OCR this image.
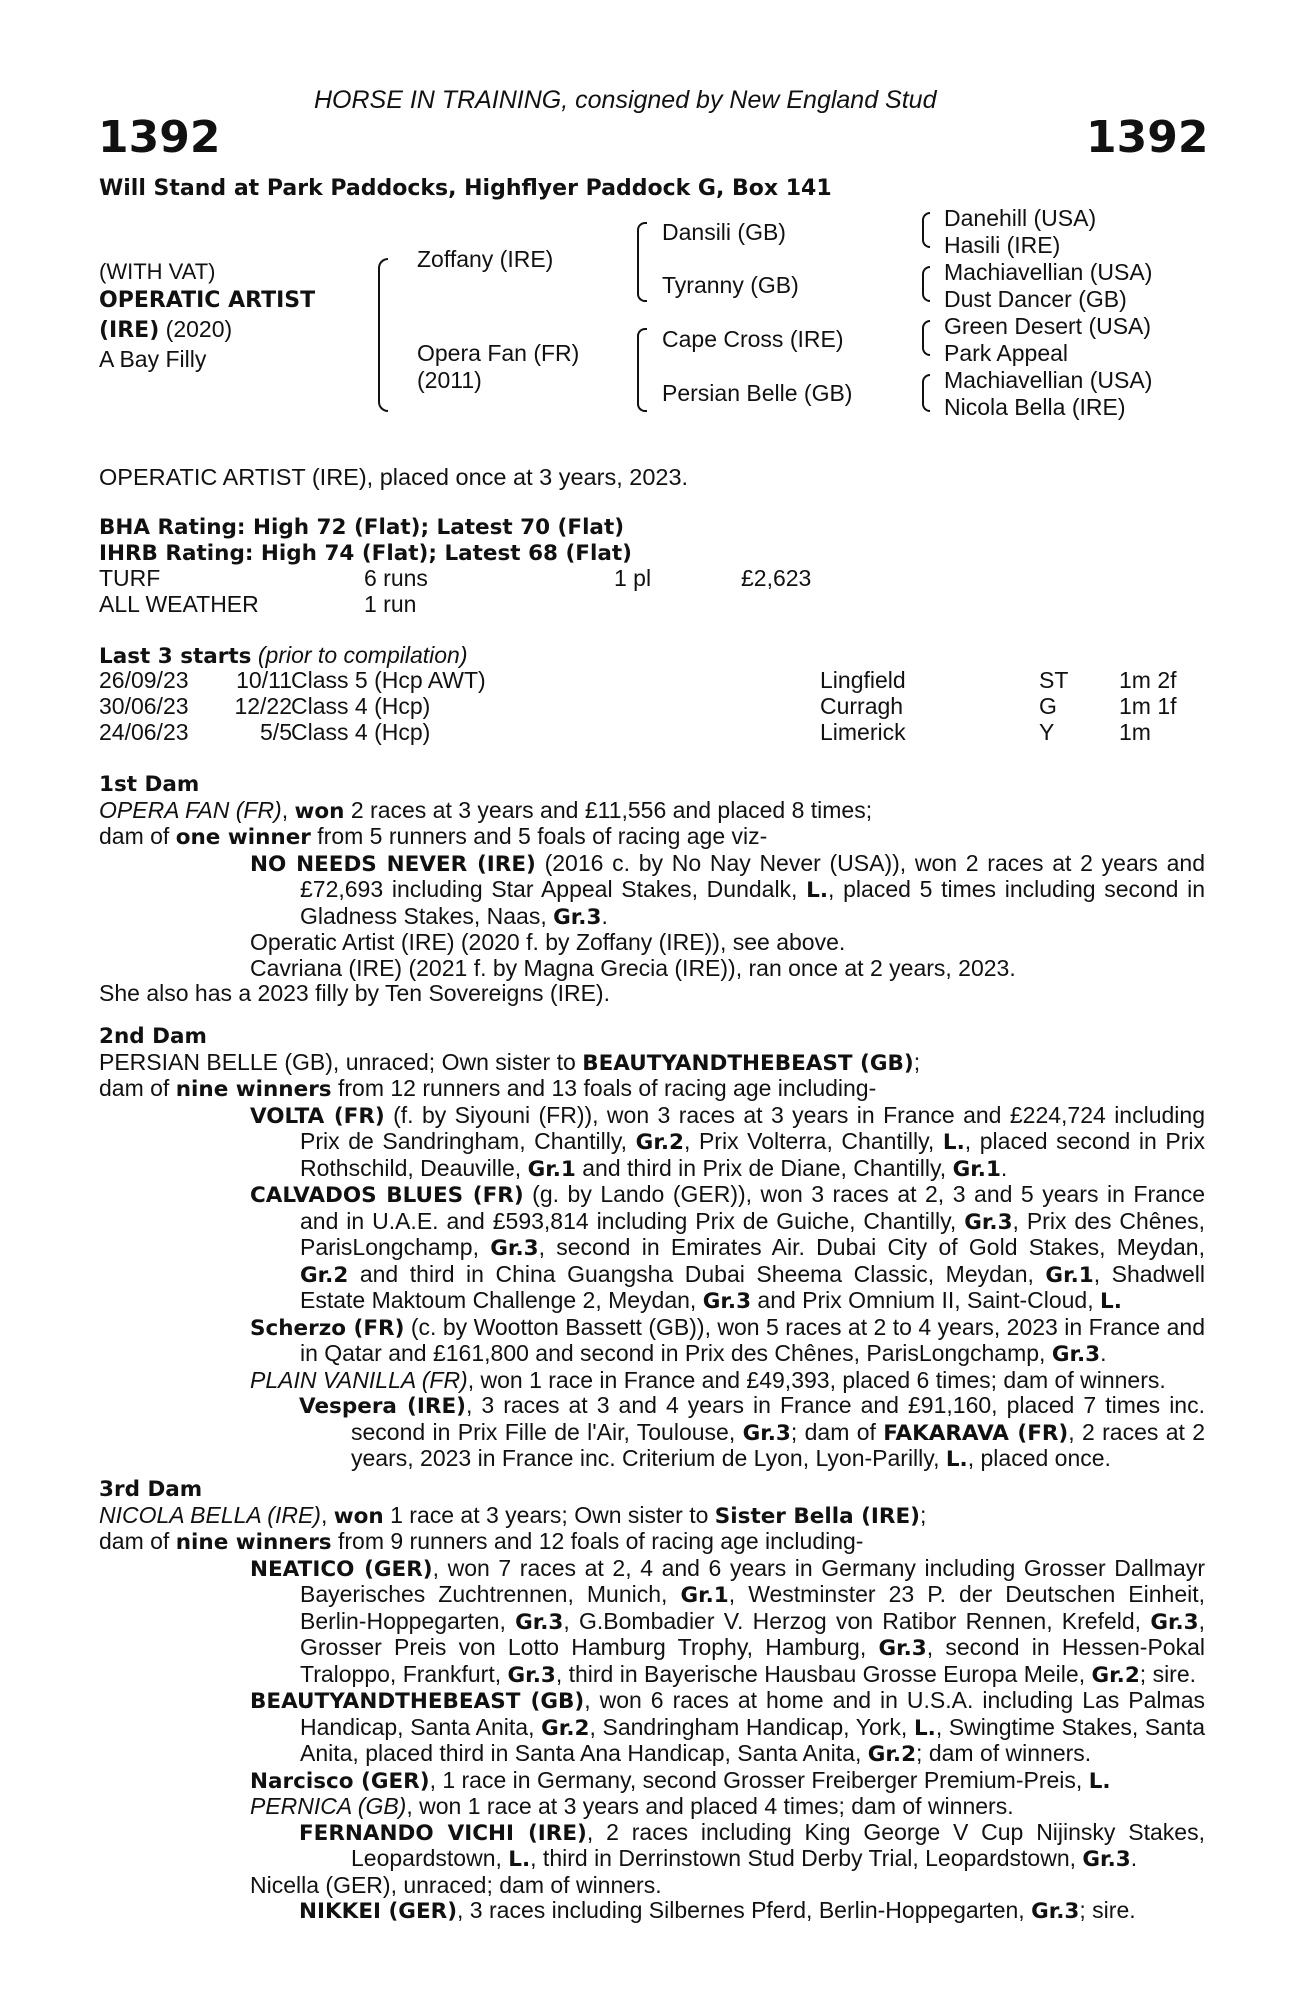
HORSE IN TRAINING, consigned by New England Stud
1392	1392
Will Stand at Park Paddocks, Highflyer Paddock G, Box 141
(WITH VAT)
OPERATIC ARTIST
(IRE) (2020)
A Bay Filly
Zoffany (IRE)
Opera Fan (FR)
(2011)
Dansili (GB)
Tyranny (GB)
Cape Cross (IRE)
Persian Belle (GB)
Danehill (USA)
Hasili (IRE)
Machiavellian (USA)
Dust Dancer (GB)
Green Desert (USA)
Park Appeal
Machiavellian (USA)
Nicola Bella (IRE)
OPERATIC ARTIST (IRE), placed once at 3 years, 2023.
BHA Rating: High 72 (Flat); Latest 70 (Flat)
IHRB Rating: High 74 (Flat); Latest 68 (Flat)
TURF	6 runs	1 pl	£2,623
ALL WEATHER	1 run
Last 3 starts (prior to compilation)
26/09/23	10/11 Class 5 (Hcp AWT)	Lingfield	ST 1m 2f
30/06/23	12/22 Class 4 (Hcp)	Curragh	G	1m 1f
24/06/23	5/5 Class 4 (Hcp)	Limerick	Y	1m

1st Dam

OPERA FAN (FR), won 2 races at 3 years and £11,556 and placed 8 times;

dam of one winner from 5 runners and 5 foals of racing age viz-

NO NEEDS NEVER (IRE) (2016 c. by No Nay Never (USA)), won 2 races at 2 years and £72,693 including Star Appeal Stakes, Dundalk, L., placed 5 times including second in Gladness Stakes, Naas, Gr.3.

Operatic Artist (IRE) (2020 f. by Zoffany (IRE)), see above.

Cavriana (IRE) (2021 f. by Magna Grecia (IRE)), ran once at 2 years, 2023.

She also has a 2023 filly by Ten Sovereigns (IRE).

2nd Dam

PERSIAN BELLE (GB), unraced; Own sister to BEAUTYANDTHEBEAST (GB);

dam of nine winners from 12 runners and 13 foals of racing age including-

VOLTA (FR) (f. by Siyouni (FR)), won 3 races at 3 years in France and £224,724 including Prix de Sandringham, Chantilly, Gr.2, Prix Volterra, Chantilly, L., placed second in Prix Rothschild, Deauville, Gr.1 and third in Prix de Diane, Chantilly, Gr.1.

CALVADOS BLUES (FR) (g. by Lando (GER)), won 3 races at 2, 3 and 5 years in France and in U.A.E. and £593,814 including Prix de Guiche, Chantilly, Gr.3, Prix des Chênes, ParisLongchamp, Gr.3, second in Emirates Air. Dubai City of Gold Stakes, Meydan, Gr.2 and third in China Guangsha Dubai Sheema Classic, Meydan, Gr.1, Shadwell Estate Maktoum Challenge 2, Meydan, Gr.3 and Prix Omnium II, Saint-Cloud, L.

Scherzo (FR) (c. by Wootton Bassett (GB)), won 5 races at 2 to 4 years, 2023 in France and in Qatar and £161,800 and second in Prix des Chênes, ParisLongchamp, Gr.3.

PLAIN VANILLA (FR), won 1 race in France and £49,393, placed 6 times; dam of winners.

Vespera (IRE), 3 races at 3 and 4 years in France and £91,160, placed 7 times inc. second in Prix Fille de l'Air, Toulouse, Gr.3; dam of FAKARAVA (FR), 2 races at 2 years, 2023 in France inc. Criterium de Lyon, Lyon-Parilly, L., placed once.

3rd Dam

NICOLA BELLA (IRE), won 1 race at 3 years; Own sister to Sister Bella (IRE);

dam of nine winners from 9 runners and 12 foals of racing age including-

NEATICO (GER), won 7 races at 2, 4 and 6 years in Germany including Grosser Dallmayr Bayerisches Zuchtrennen, Munich, Gr.1, Westminster 23 P. der Deutschen Einheit, Berlin-Hoppegarten, Gr.3, G.Bombadier V. Herzog von Ratibor Rennen, Krefeld, Gr.3, Grosser Preis von Lotto Hamburg Trophy, Hamburg, Gr.3, second in Hessen-Pokal Traloppo, Frankfurt, Gr.3, third in Bayerische Hausbau Grosse Europa Meile, Gr.2; sire.

BEAUTYANDTHEBEAST (GB), won 6 races at home and in U.S.A. including Las Palmas Handicap, Santa Anita, Gr.2, Sandringham Handicap, York, L., Swingtime Stakes, Santa Anita, placed third in Santa Ana Handicap, Santa Anita, Gr.2; dam of winners.

Narcisco (GER), 1 race in Germany, second Grosser Freiberger Premium-Preis, L.

PERNICA (GB), won 1 race at 3 years and placed 4 times; dam of winners.

FERNANDO VICHI (IRE), 2 races including King George V Cup Nijinsky Stakes, Leopardstown, L., third in Derrinstown Stud Derby Trial, Leopardstown, Gr.3.

Nicella (GER), unraced; dam of winners.

NIKKEI (GER), 3 races including Silbernes Pferd, Berlin-Hoppegarten, Gr.3; sire.
